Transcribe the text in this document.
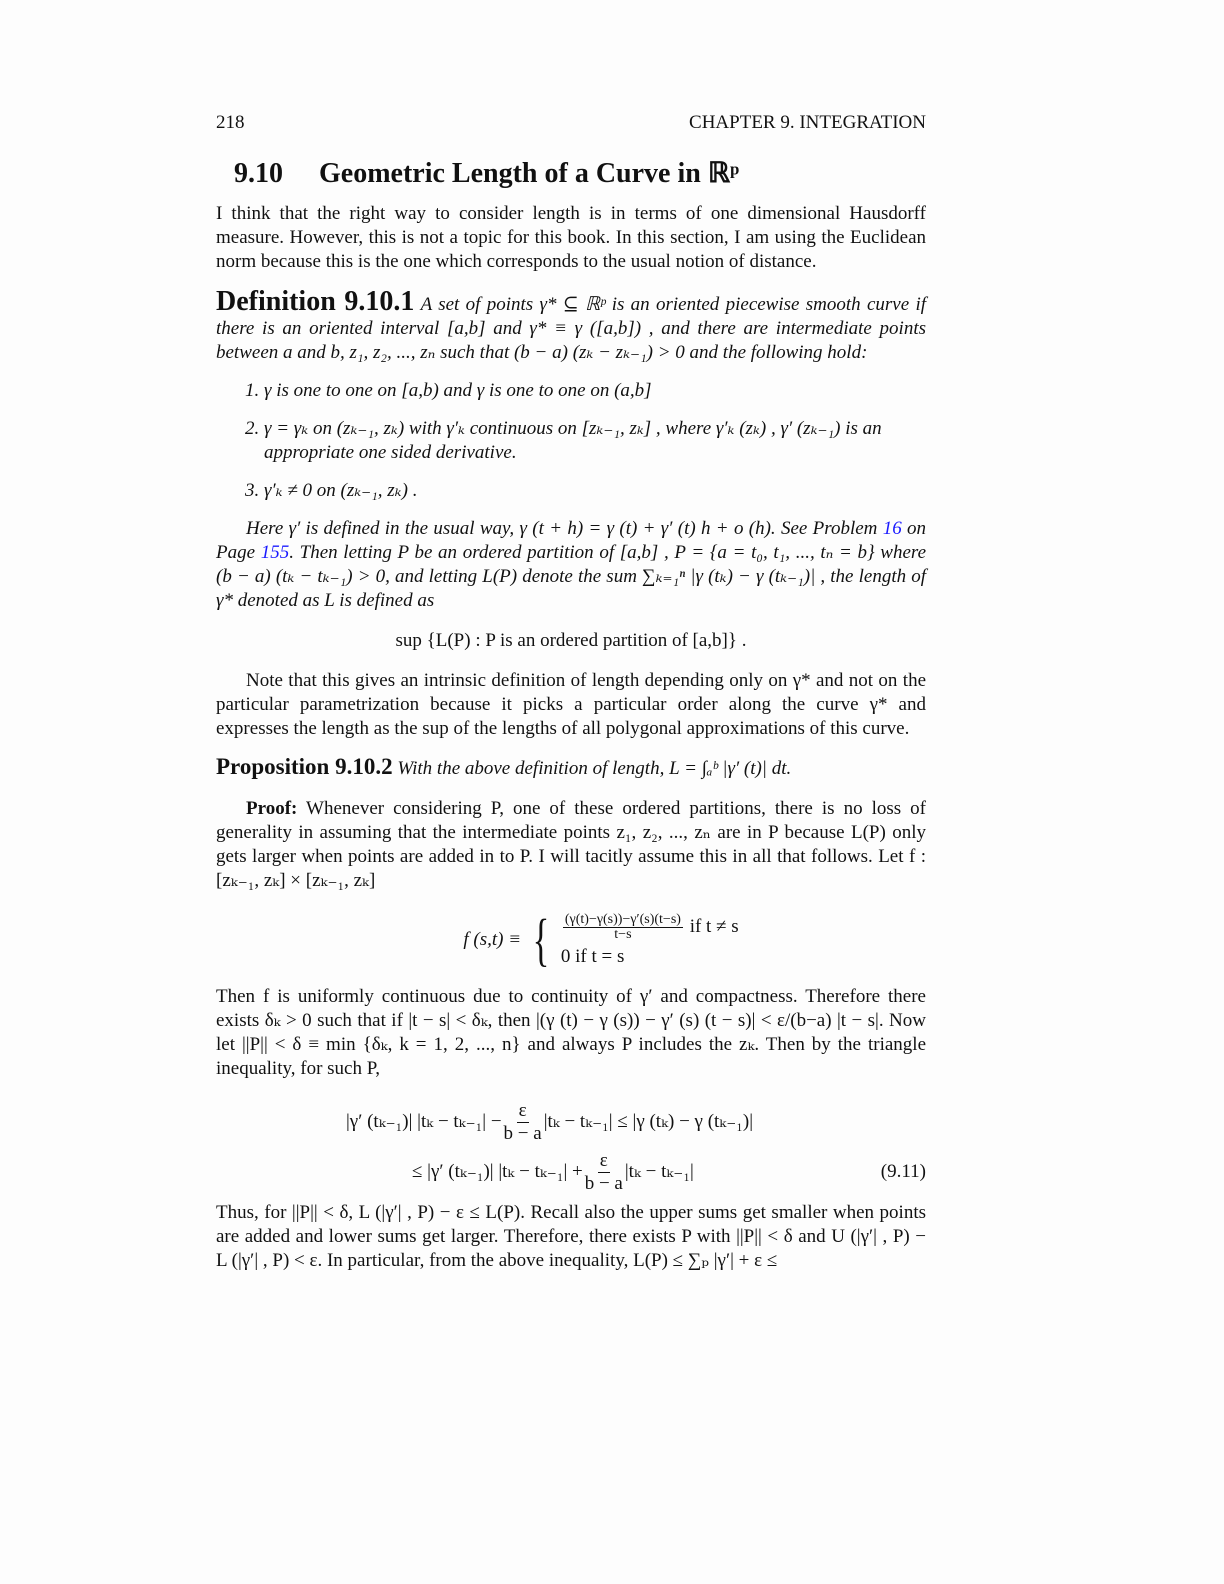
218	CHAPTER 9. INTEGRATION
9.10 Geometric Length of a Curve in ℝᵖ

I think that the right way to consider length is in terms of one dimensional Hausdorff measure. However, this is not a topic for this book. In this section, I am using the Euclidean norm because this is the one which corresponds to the usual notion of distance.

Definition 9.10.1 A set of points γ* ⊆ ℝᵖ is an oriented piecewise smooth curve if there is an oriented interval [a,b] and γ* ≡ γ ([a,b]) , and there are intermediate points between a and b, z₁, z₂, ..., zₙ such that (b − a) (zₖ − zₖ₋₁) > 0 and the following hold:

1. γ is one to one on [a,b) and γ is one to one on (a,b]
2. γ = γₖ on (zₖ₋₁, zₖ) with γ′ₖ continuous on [zₖ₋₁, zₖ] , where γ′ₖ (zₖ) , γ′ (zₖ₋₁) is an appropriate one sided derivative.
3. γ′ₖ ≠ 0 on (zₖ₋₁, zₖ) .

Here γ′ is defined in the usual way, γ (t + h) = γ (t) + γ′ (t) h + o (h). See Problem 16 on Page 155. Then letting P be an ordered partition of [a,b] , P = {a = t₀, t₁, ..., tₙ = b} where (b − a) (tₖ − tₖ₋₁) > 0, and letting L(P) denote the sum ∑ₖ₌₁ⁿ |γ (tₖ) − γ (tₖ₋₁)| , the length of γ* denoted as L is defined as

sup {L(P) : P is an ordered partition of [a,b]} .

Note that this gives an intrinsic definition of length depending only on γ* and not on the particular parametrization because it picks a particular order along the curve γ* and expresses the length as the sup of the lengths of all polygonal approximations of this curve.

Proposition 9.10.2 With the above definition of length, L = ∫ₐᵇ |γ′ (t)| dt.

Proof: Whenever considering P, one of these ordered partitions, there is no loss of generality in assuming that the intermediate points z₁, z₂, ..., zₙ are in P because L(P) only gets larger when points are added in to P. I will tacitly assume this in all that follows. Let f : [zₖ₋₁, zₖ] × [zₖ₋₁, zₖ]

f (s,t) ≡ { $\frac{(\gamma(t)-\gamma(s))-\gamma'(s)(t-s)}{t-s}$ if t ≠ s
0 if t = s

Then f is uniformly continuous due to continuity of γ′ and compactness. Therefore there exists δₖ > 0 such that if |t − s| < δₖ, then |(γ (t) − γ (s)) − γ′ (s) (t − s)| < ε/(b−a) |t − s|. Now let ||P|| < δ ≡ min {δₖ, k = 1, 2, ..., n} and always P includes the zₖ. Then by the triangle inequality, for such P,

|γ′ (tₖ₋₁)| $|t_k - t_{k-1}| - \frac{\varepsilon}{b - a} |t_k - t_{k-1}| \le |\gamma$ (tₖ) − γ (tₖ₋₁)|
≤ |γ′ (tₖ₋₁)| $|t_k - t_{k-1}| + \frac{\varepsilon}{b - a} |t_k - t_{k-1}|$	(9.11)

Thus, for ||P|| < δ, L (|γ′| , P) − ε ≤ L(P). Recall also the upper sums get smaller when points are added and lower sums get larger. Therefore, there exists P with ||P|| < δ and U (|γ′| , P) − L (|γ′| , P) < ε. In particular, from the above inequality, L(P) ≤ ∑ₚ |γ′| + ε ≤
